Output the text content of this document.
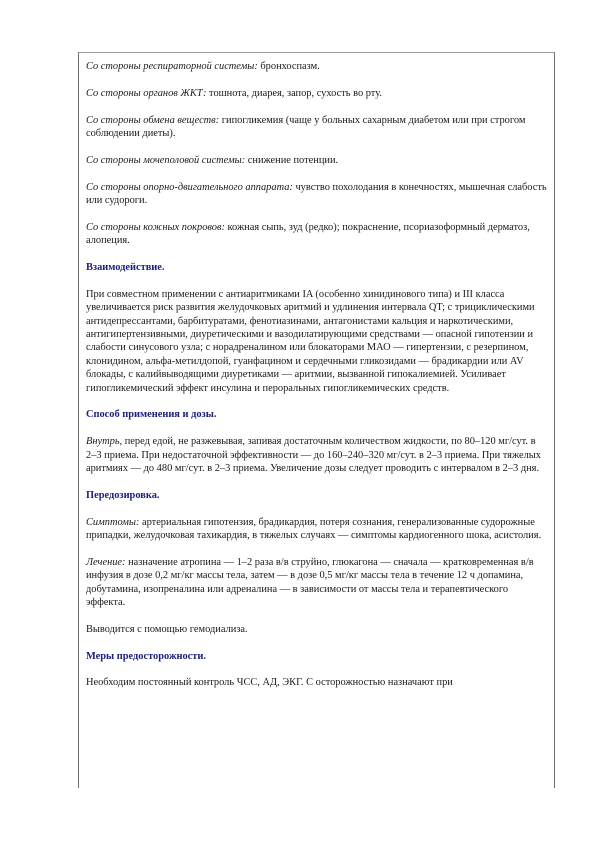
Со стороны респираторной системы: бронхоспазм.

Со стороны органов ЖКТ: тошнота, диарея, запор, сухость во рту.

Со стороны обмена веществ: гипогликемия (чаще у больных сахарным диабетом или при строгом соблюдении диеты).

Со стороны мочеполовой системы: снижение потенции.

Со стороны опорно-двигательного аппарата: чувство похолодания в конечностях, мышечная слабость или судороги.

Со стороны кожных покровов: кожная сыпь, зуд (редко); покраснение, псориазоформный дерматоз, алопеция.

Взаимодействие.

При совместном применении с антиаритмиками IA (особенно хинидинового типа) и III класса увеличивается риск развития желудочковых аритмий и удлинения интервала QT; с трициклическими антидепрессантами, барбитуратами, фенотиазинами, антагонистами кальция и наркотическими, антигипертензивными, диуретическими и вазодилатирующими средствами — опасной гипотензии и слабости синусового узла; с норадреналином или блокаторами МАО — гипертензии, с резерпином, клонидином, альфа-метилдопой, гуанфацином и сердечными гликозидами — брадикардии или AV блокады, с калийвыводящими диуретиками — аритмии, вызванной гипокалиемией. Усиливает гипогликемический эффект инсулина и пероральных гипогликемических средств.

Способ применения и дозы.

Внутрь, перед едой, не разжевывая, запивая достаточным количеством жидкости, по 80–120 мг/сут. в 2–3 приема. При недостаточной эффективности — до 160–240–320 мг/сут. в 2–3 приема. При тяжелых аритмиях — до 480 мг/сут. в 2–3 приема. Увеличение дозы следует проводить с интервалом в 2–3 дня.

Передозировка.

Симптомы: артериальная гипотензия, брадикардия, потеря сознания, генерализованные судорожные припадки, желудочковая тахикардия, в тяжелых случаях — симптомы кардиогенного шока, асистолия.

Лечение: назначение атропина — 1–2 раза в/в струйно, глюкагона — сначала — кратковременная в/в инфузия в дозе 0,2 мг/кг массы тела, затем — в дозе 0,5 мг/кг массы тела в течение 12 ч допамина, добутамина, изопреналина или адреналина — в зависимости от массы тела и терапевтического эффекта.

Выводится с помощью гемодиализа.

Меры предосторожности.

Необходим постоянный контроль ЧСС, АД, ЭКГ. С осторожностью назначают при
